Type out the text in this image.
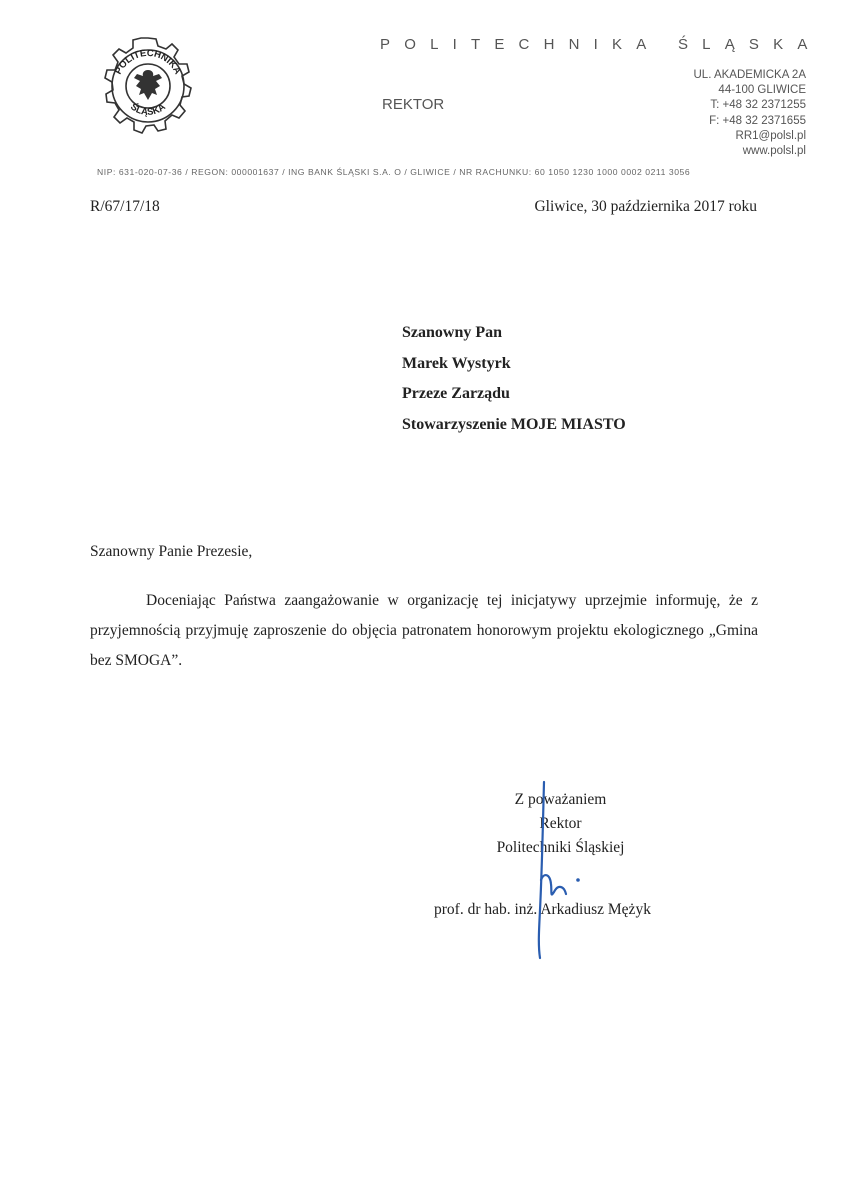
POLITECHNIKA
ŚLĄSKA
POLITECHNIKA ŚLĄSKA
REKTOR
UL. AKADEMICKA 2A
44-100 GLIWICE
T: +48 32 2371255
F: +48 32 2371655
RR1@polsl.pl
www.polsl.pl
NIP: 631-020-07-36 / REGON: 000001637 / ING BANK ŚLĄSKI S.A. O / GLIWICE / NR RACHUNKU: 60 1050 1230 1000 0002 0211 3056
R/67/17/18	Gliwice, 30 października 2017 roku
Szanowny Pan
Marek Wystyrk
Przeze Zarządu
Stowarzyszenie MOJE MIASTO
Szanowny Panie Prezesie,

Doceniając Państwa zaangażowanie w organizację tej inicjatywy uprzejmie informuję, że z przyjemnością przyjmuję zaproszenie do objęcia patronatem honorowym projektu ekologicznego „Gmina bez SMOGA”.

Z poważaniem
Rektor
Politechniki Śląskiej
prof. dr hab. inż. Arkadiusz Mężyk
